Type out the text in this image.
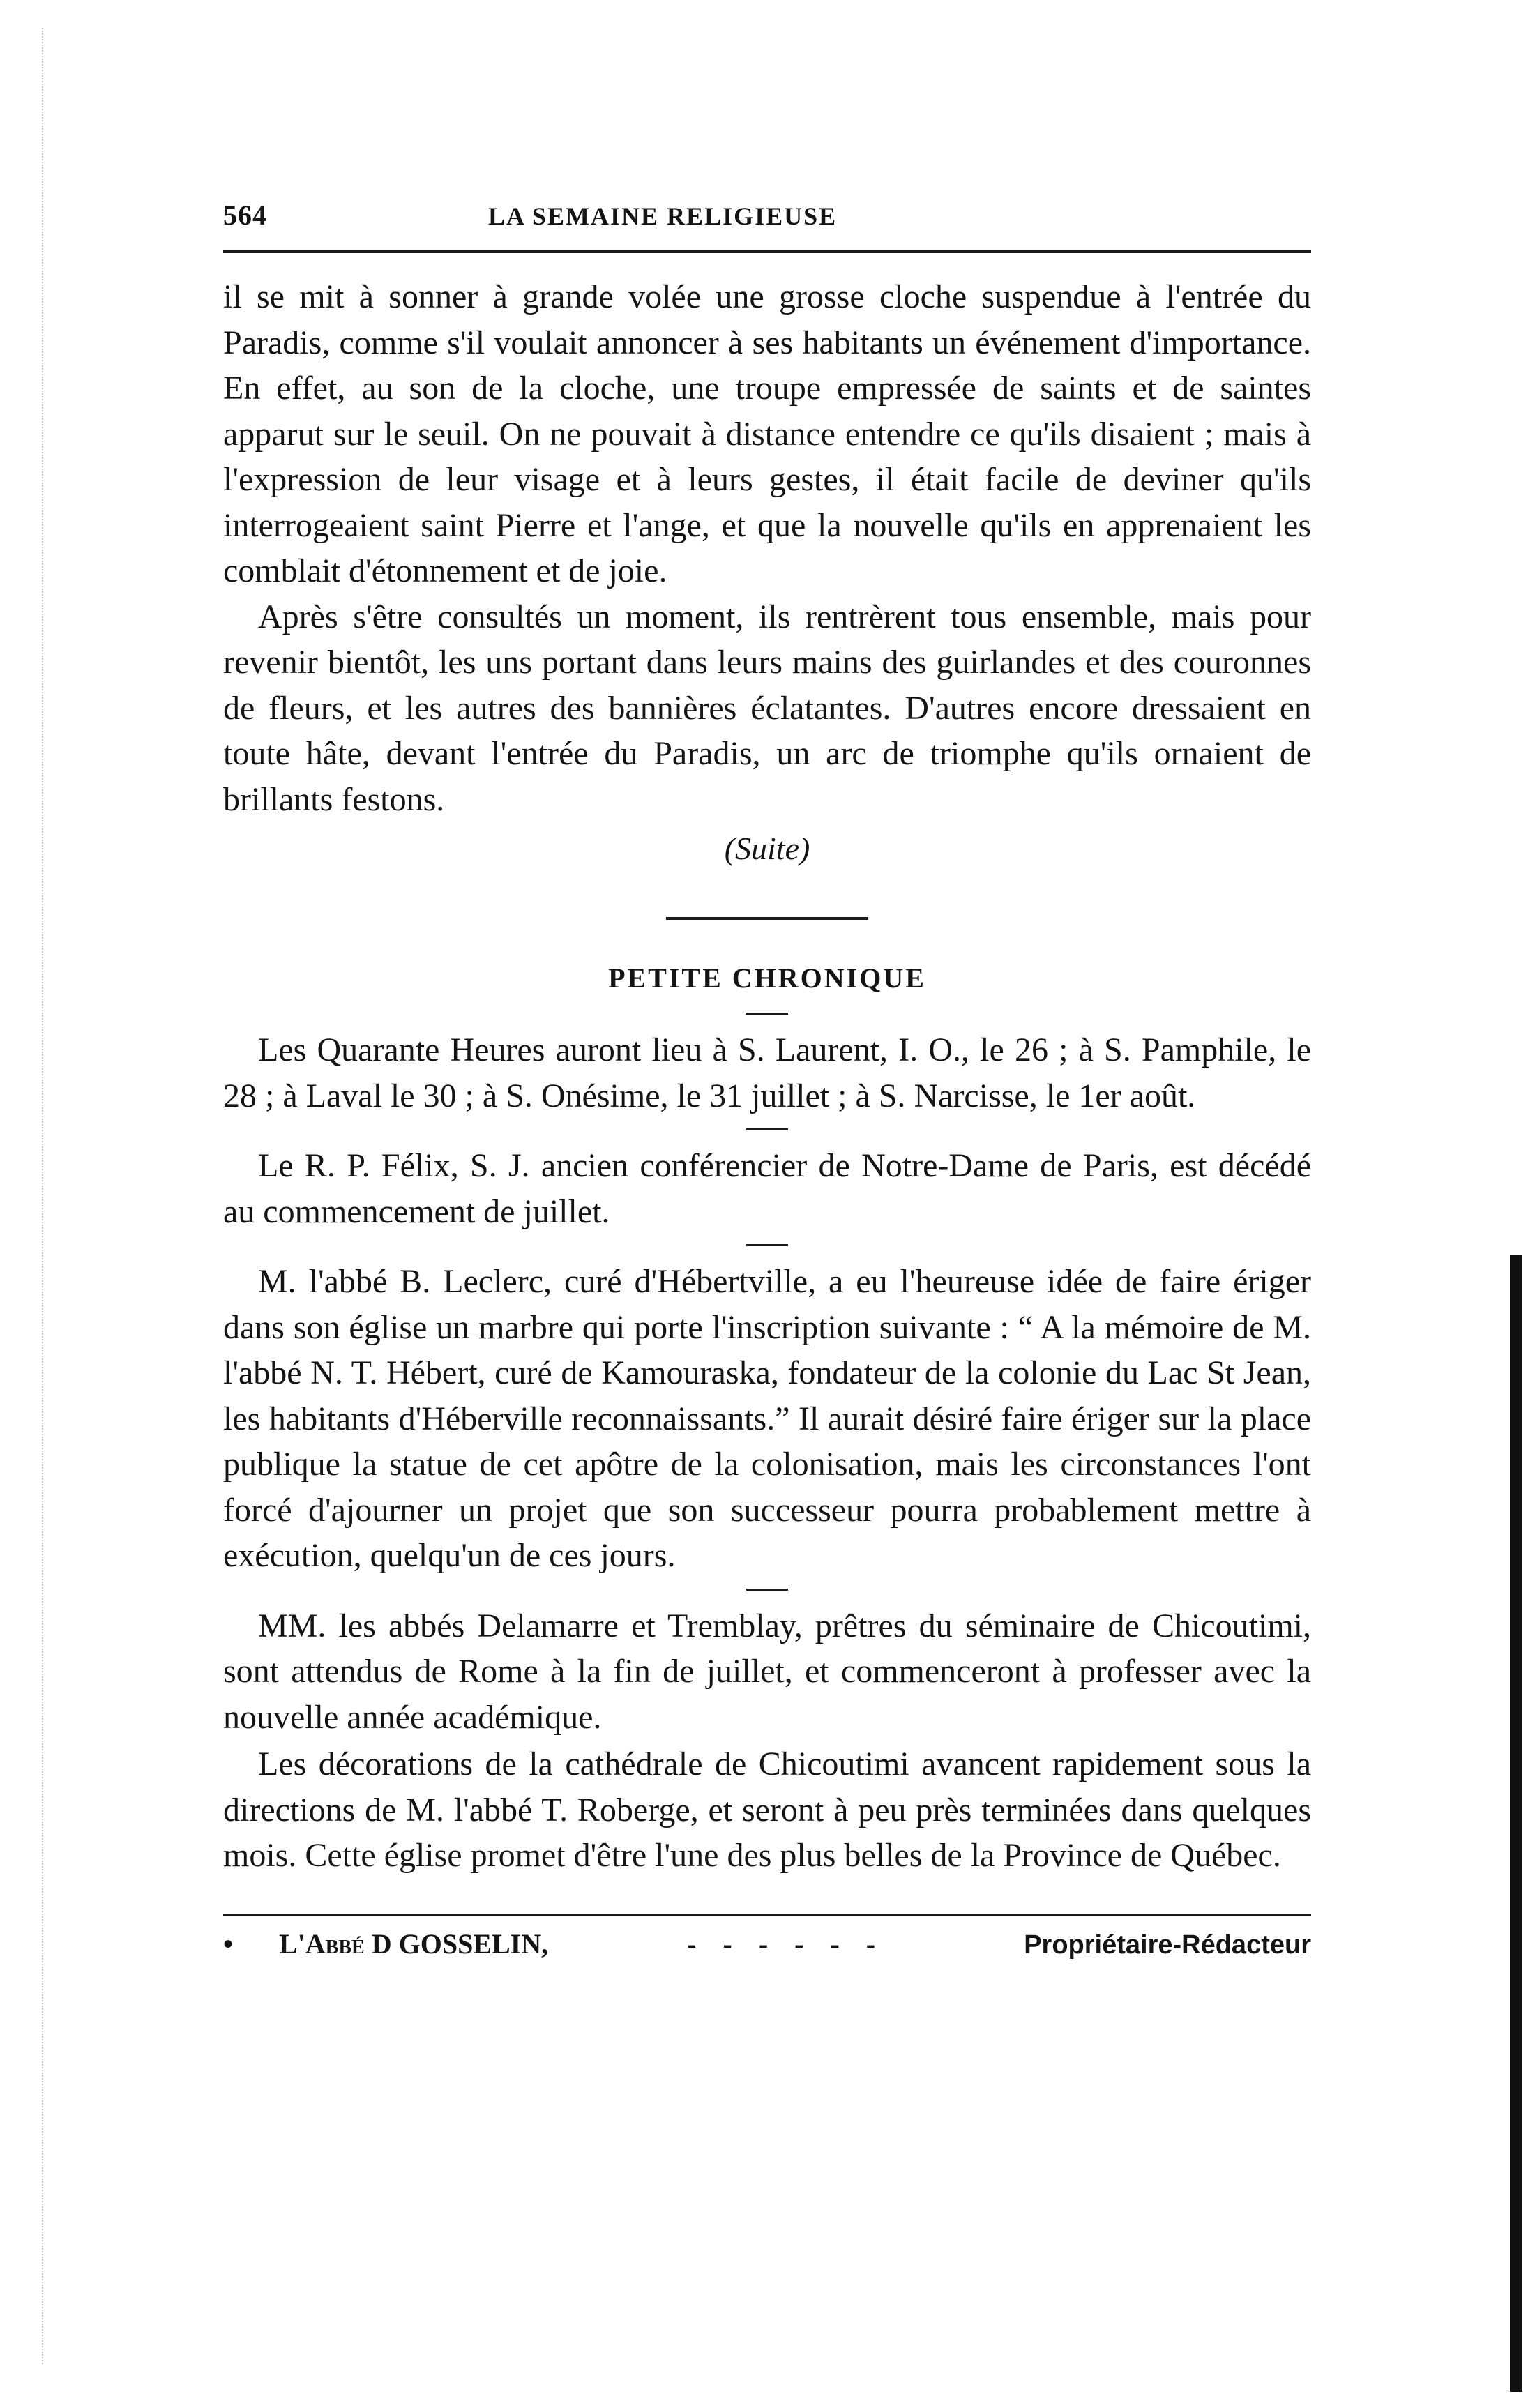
564	LA SEMAINE RELIGIEUSE

il se mit à sonner à grande volée une grosse cloche suspendue à l'entrée du Paradis, comme s'il voulait annoncer à ses habitants un événement d'importance. En effet, au son de la cloche, une troupe empressée de saints et de saintes apparut sur le seuil. On ne pouvait à distance entendre ce qu'ils disaient ; mais à l'expression de leur visage et à leurs gestes, il était facile de deviner qu'ils interrogeaient saint Pierre et l'ange, et que la nouvelle qu'ils en apprenaient les comblait d'étonnement et de joie.

Après s'être consultés un moment, ils rentrèrent tous ensemble, mais pour revenir bientôt, les uns portant dans leurs mains des guirlandes et des couronnes de fleurs, et les autres des bannières éclatantes. D'autres encore dressaient en toute hâte, devant l'entrée du Paradis, un arc de triomphe qu'ils ornaient de brillants festons.

(Suite)
PETITE CHRONIQUE

Les Quarante Heures auront lieu à S. Laurent, I. O., le 26 ; à S. Pamphile, le 28 ; à Laval le 30 ; à S. Onésime, le 31 juillet ; à S. Narcisse, le 1er août.

Le R. P. Félix, S. J. ancien conférencier de Notre-Dame de Paris, est décédé au commencement de juillet.

M. l'abbé B. Leclerc, curé d'Hébertville, a eu l'heureuse idée de faire ériger dans son église un marbre qui porte l'inscription suivante : “ A la mémoire de M. l'abbé N. T. Hébert, curé de Kamouraska, fondateur de la colonie du Lac St Jean, les habitants d'Héberville reconnaissants.” Il aurait désiré faire ériger sur la place publique la statue de cet apôtre de la colonisation, mais les circonstances l'ont forcé d'ajourner un projet que son successeur pourra probablement mettre à exécution, quelqu'un de ces jours.

MM. les abbés Delamarre et Tremblay, prêtres du séminaire de Chicoutimi, sont attendus de Rome à la fin de juillet, et commenceront à professer avec la nouvelle année académique.

Les décorations de la cathédrale de Chicoutimi avancent rapidement sous la directions de M. l'abbé T. Roberge, et seront à peu près terminées dans quelques mois. Cette église promet d'être l'une des plus belles de la Province de Québec.

•	L'Abbé D GOSSELIN,	- - - - - -	Propriétaire-Rédacteur
